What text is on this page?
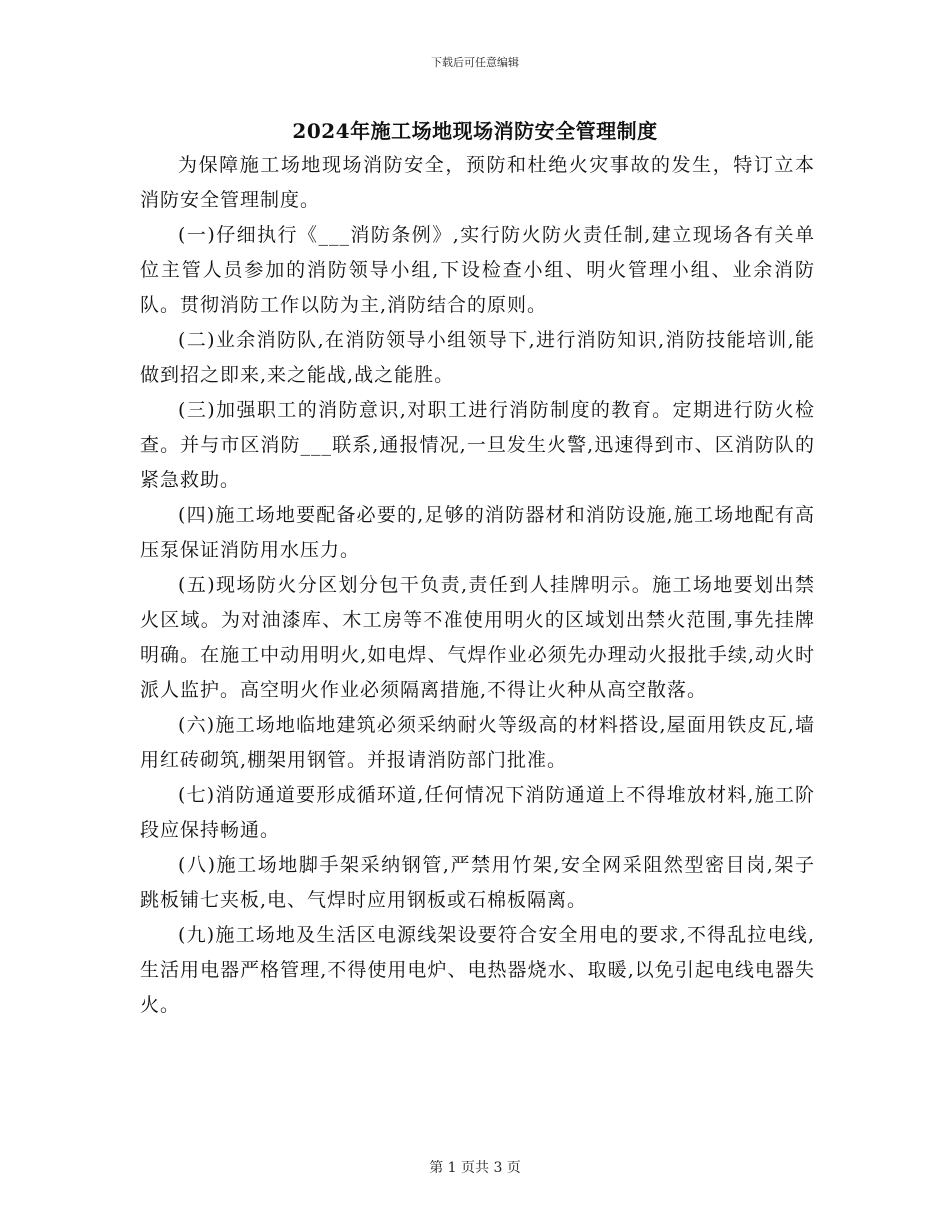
下载后可任意编辑
2024年施工场地现场消防安全管理制度

为保障施工场地现场消防安全，预防和杜绝火灾事故的发生，特订立本消防安全管理制度。

(一)仔细执行《___消防条例》,实行防火防火责任制,建立现场各有关单位主管人员参加的消防领导小组,下设检查小组、明火管理小组、业余消防队。贯彻消防工作以防为主,消防结合的原则。

(二)业余消防队,在消防领导小组领导下,进行消防知识,消防技能培训,能做到招之即来,来之能战,战之能胜。

(三)加强职工的消防意识,对职工进行消防制度的教育。定期进行防火检查。并与市区消防___联系,通报情况,一旦发生火警,迅速得到市、区消防队的紧急救助。

(四)施工场地要配备必要的,足够的消防器材和消防设施,施工场地配有高压泵保证消防用水压力。

(五)现场防火分区划分包干负责,责任到人挂牌明示。施工场地要划出禁火区域。为对油漆库、木工房等不准使用明火的区域划出禁火范围,事先挂牌明确。在施工中动用明火,如电焊、气焊作业必须先办理动火报批手续,动火时派人监护。高空明火作业必须隔离措施,不得让火种从高空散落。

(六)施工场地临地建筑必须采纳耐火等级高的材料搭设,屋面用铁皮瓦,墙用红砖砌筑,棚架用钢管。并报请消防部门批准。

(七)消防通道要形成循环道,任何情况下消防通道上不得堆放材料,施工阶段应保持畅通。

(八)施工场地脚手架采纳钢管,严禁用竹架,安全网采阻然型密目岗,架子跳板铺七夹板,电、气焊时应用钢板或石棉板隔离。

(九)施工场地及生活区电源线架设要符合安全用电的要求,不得乱拉电线,生活用电器严格管理,不得使用电炉、电热器烧水、取暖,以免引起电线电器失火。

第 1 页共 3 页
